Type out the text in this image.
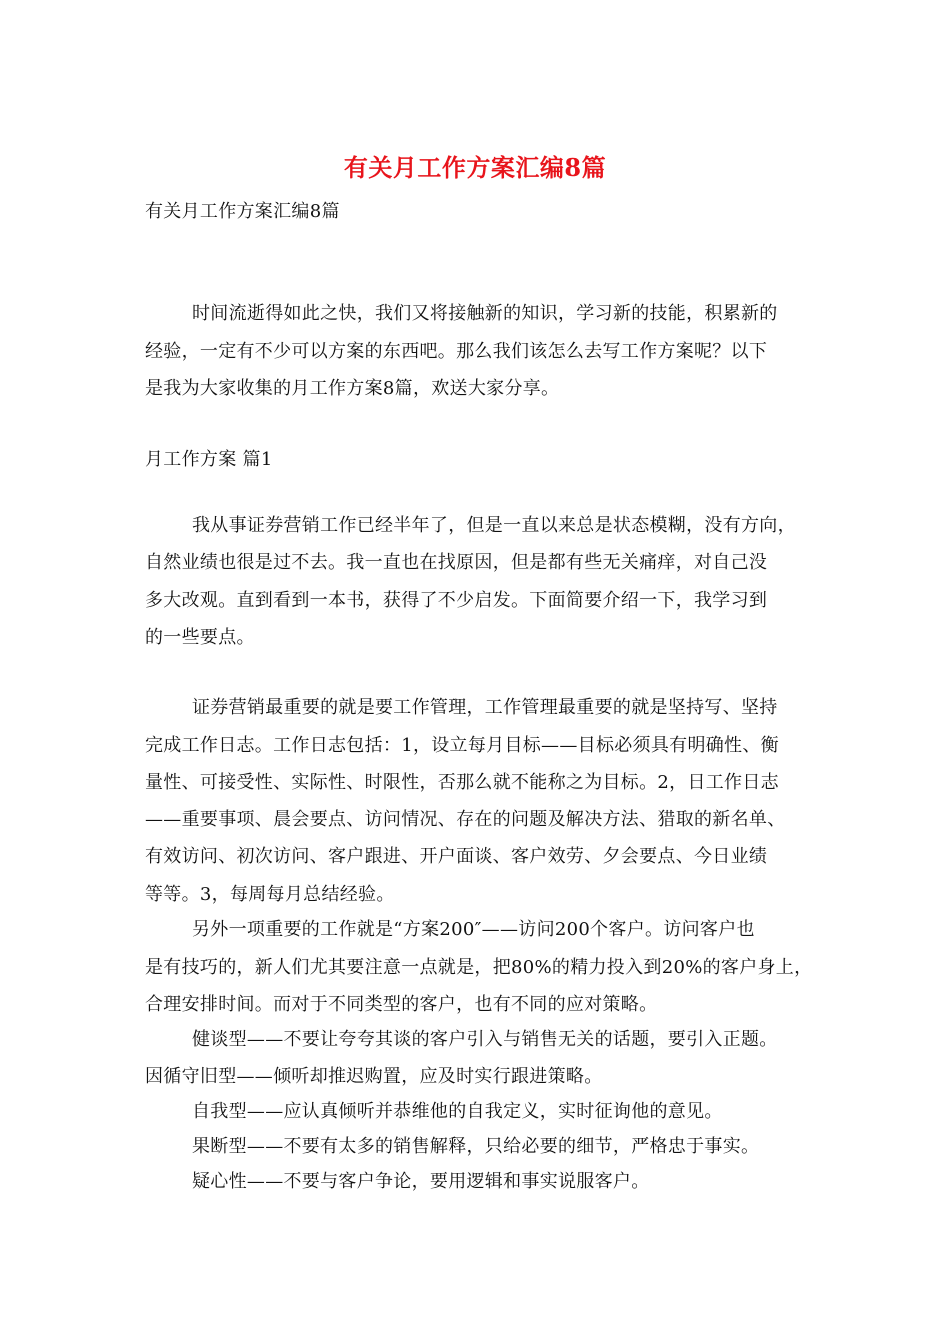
有关月工作方案汇编8篇
有关月工作方案汇编8篇
时间流逝得如此之快，我们又将接触新的知识，学习新的技能，积累新的
经验，一定有不少可以方案的东西吧。那么我们该怎么去写工作方案呢？以下
是我为大家收集的月工作方案8篇，欢送大家分享。
月工作方案 篇1
我从事证券营销工作已经半年了，但是一直以来总是状态模糊，没有方向，
自然业绩也很是过不去。我一直也在找原因，但是都有些无关痛痒，对自己没
多大改观。直到看到一本书，获得了不少启发。下面简要介绍一下，我学习到
的一些要点。
证券营销最重要的就是要工作管理，工作管理最重要的就是坚持写、坚持
完成工作日志。工作日志包括：1，设立每月目标——目标必须具有明确性、衡
量性、可接受性、实际性、时限性，否那么就不能称之为目标。2，日工作日志
——重要事项、晨会要点、访问情况、存在的问题及解决方法、猎取的新名单、
有效访问、初次访问、客户跟进、开户面谈、客户效劳、夕会要点、今日业绩
等等。3，每周每月总结经验。
另外一项重要的工作就是“方案200″——访问200个客户。访问客户也
是有技巧的，新人们尤其要注意一点就是，把80%的精力投入到20%的客户身上，
合理安排时间。而对于不同类型的客户，也有不同的应对策略。
健谈型——不要让夸夸其谈的客户引入与销售无关的话题，要引入正题。
因循守旧型——倾听却推迟购置，应及时实行跟进策略。
自我型——应认真倾听并恭维他的自我定义，实时征询他的意见。
果断型——不要有太多的销售解释，只给必要的细节，严格忠于事实。
疑心性——不要与客户争论，要用逻辑和事实说服客户。
